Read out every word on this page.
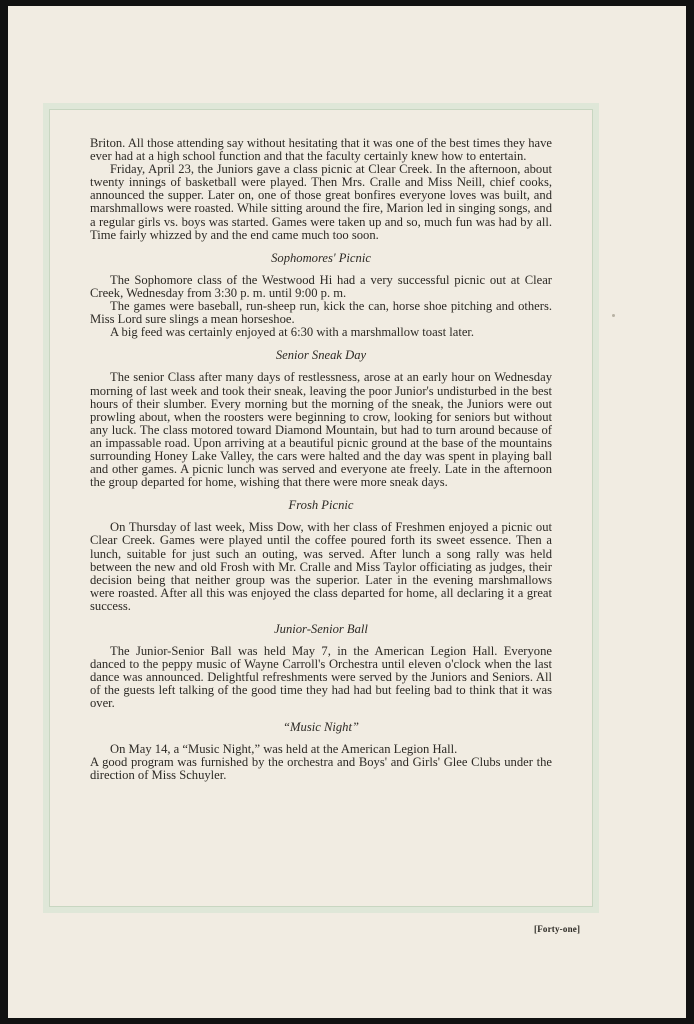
Briton. All those attending say without hesitating that it was one of the best times they have ever had at a high school function and that the faculty certainly knew how to entertain.

Friday, April 23, the Juniors gave a class picnic at Clear Creek. In the afternoon, about twenty innings of basketball were played. Then Mrs. Cralle and Miss Neill, chief cooks, announced the supper. Later on, one of those great bonfires everyone loves was built, and marshmallows were roasted. While sitting around the fire, Marion led in singing songs, and a regular girls vs. boys was started. Games were taken up and so, much fun was had by all. Time fairly whizzed by and the end came much too soon.

Sophomores' Picnic

The Sophomore class of the Westwood Hi had a very successful picnic out at Clear Creek, Wednesday from 3:30 p. m. until 9:00 p. m.

The games were baseball, run-sheep run, kick the can, horse shoe pitching and others. Miss Lord sure slings a mean horseshoe.

A big feed was certainly enjoyed at 6:30 with a marshmallow toast later.

Senior Sneak Day

The senior Class after many days of restlessness, arose at an early hour on Wednesday morning of last week and took their sneak, leaving the poor Junior's undisturbed in the best hours of their slumber. Every morning but the morning of the sneak, the Juniors were out prowling about, when the roosters were beginning to crow, looking for seniors but without any luck. The class motored toward Diamond Mountain, but had to turn around because of an impassable road. Upon arriving at a beautiful picnic ground at the base of the mountains surrounding Honey Lake Valley, the cars were halted and the day was spent in playing ball and other games. A picnic lunch was served and everyone ate freely. Late in the afternoon the group departed for home, wishing that there were more sneak days.

Frosh Picnic

On Thursday of last week, Miss Dow, with her class of Freshmen enjoyed a picnic out Clear Creek. Games were played until the coffee poured forth its sweet essence. Then a lunch, suitable for just such an outing, was served. After lunch a song rally was held between the new and old Frosh with Mr. Cralle and Miss Taylor officiating as judges, their decision being that neither group was the superior. Later in the evening marshmallows were roasted. After all this was enjoyed the class departed for home, all declaring it a great success.

Junior-Senior Ball

The Junior-Senior Ball was held May 7, in the American Legion Hall. Everyone danced to the peppy music of Wayne Carroll's Orchestra until eleven o'clock when the last dance was announced. Delightful refreshments were served by the Juniors and Seniors. All of the guests left talking of the good time they had had but feeling bad to think that it was over.

“Music Night”

On May 14, a “Music Night,” was held at the American Legion Hall.

A good program was furnished by the orchestra and Boys' and Girls' Glee Clubs under the direction of Miss Schuyler.

[Forty-one]
